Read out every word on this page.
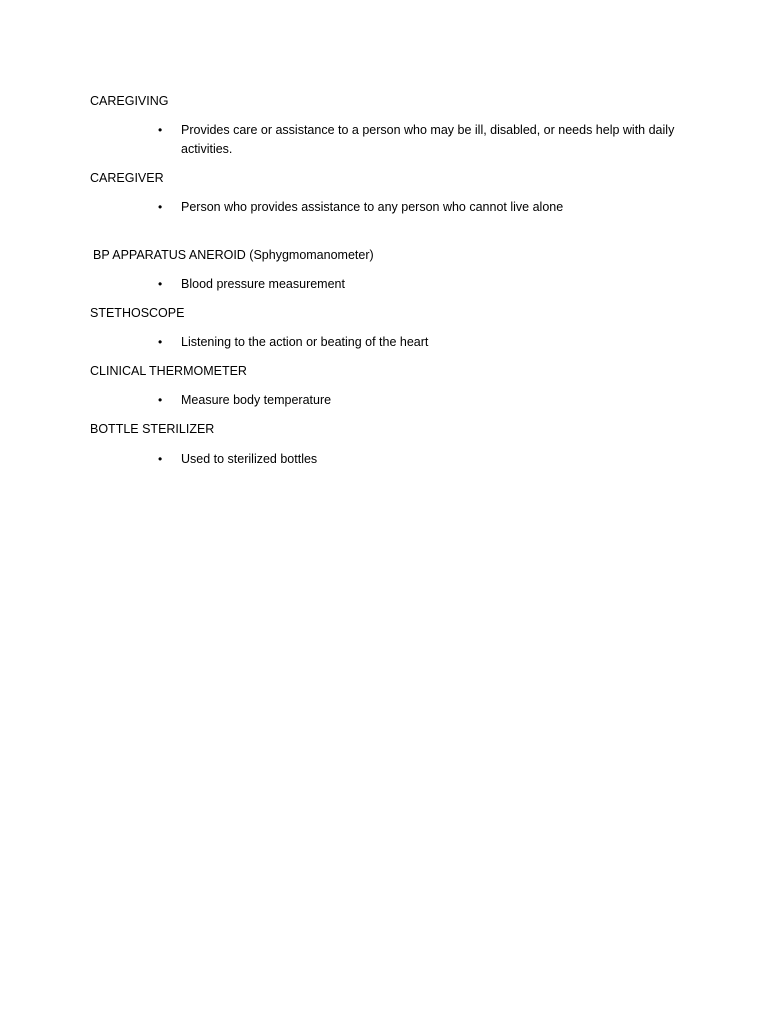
CAREGIVING
•	Provides care or assistance to a person who may be ill, disabled, or needs help with daily activities.
CAREGIVER
•	Person who provides assistance to any person who cannot live alone
BP APPARATUS ANEROID (Sphygmomanometer)
•	Blood pressure measurement
STETHOSCOPE
•	Listening to the action or beating of the heart
CLINICAL THERMOMETER
•	Measure body temperature
BOTTLE STERILIZER
•	Used to sterilized bottles
